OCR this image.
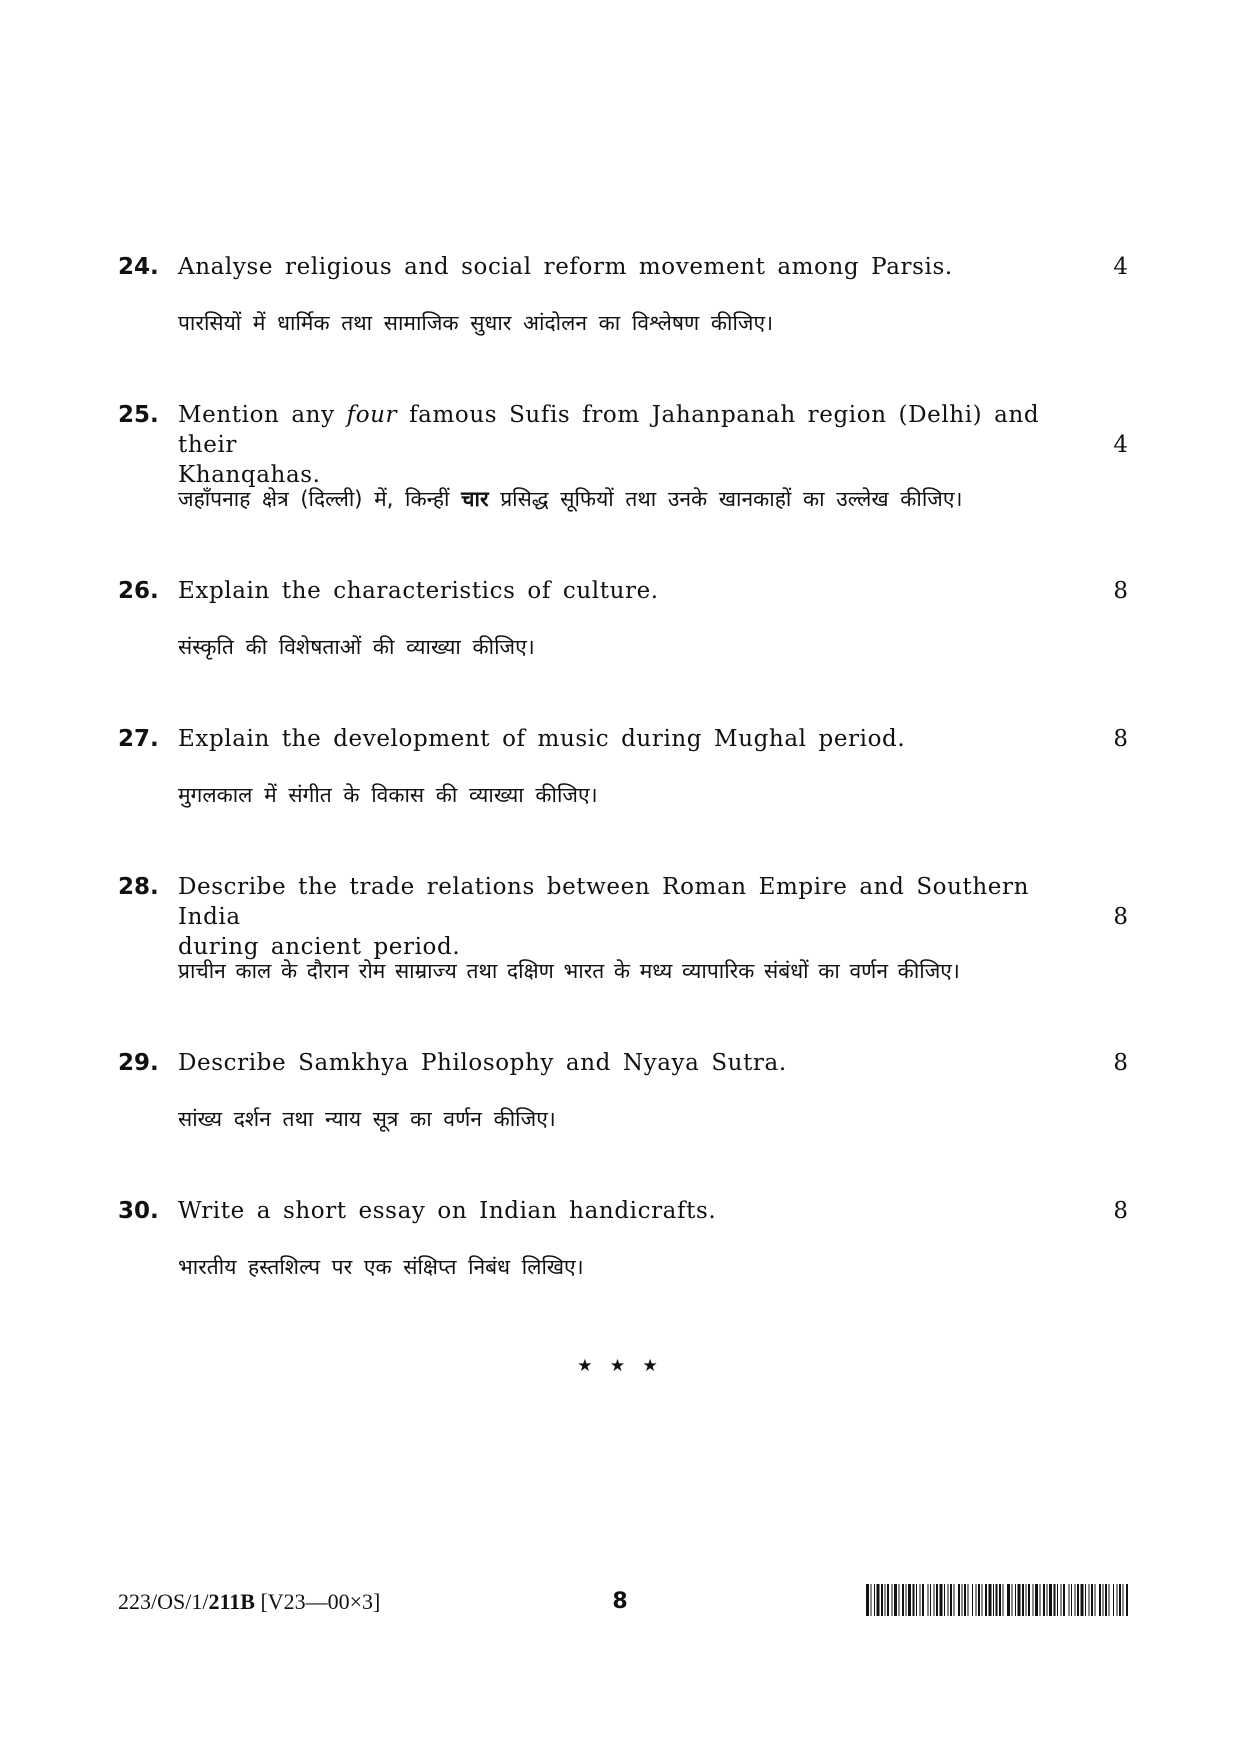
24. Analyse religious and social reform movement among Parsis.	4
पारसियों में धार्मिक तथा सामाजिक सुधार आंदोलन का विश्लेषण कीजिए।
25. Mention any four famous Sufis from Jahanpanah region (Delhi) and their
Khanqahas.
4
जहाँपनाह क्षेत्र (दिल्ली) में, किन्हीं चार प्रसिद्ध सूफियों तथा उनके खानकाहों का उल्लेख कीजिए।
26. Explain the characteristics of culture.	8
संस्कृति की विशेषताओं की व्याख्या कीजिए।
27. Explain the development of music during Mughal period.	8
मुगलकाल में संगीत के विकास की व्याख्या कीजिए।
28. Describe the trade relations between Roman Empire and Southern India
during ancient period.
8
प्राचीन काल के दौरान रोम साम्राज्य तथा दक्षिण भारत के मध्य व्यापारिक संबंधों का वर्णन कीजिए।
29. Describe Samkhya Philosophy and Nyaya Sutra.	8
सांख्य दर्शन तथा न्याय सूत्र का वर्णन कीजिए।
30. Write a short essay on Indian handicrafts.	8
भारतीय हस्तशिल्प पर एक संक्षिप्त निबंध लिखिए।
★ ★ ★
223/OS/1/211B [V23—00×3]	8
